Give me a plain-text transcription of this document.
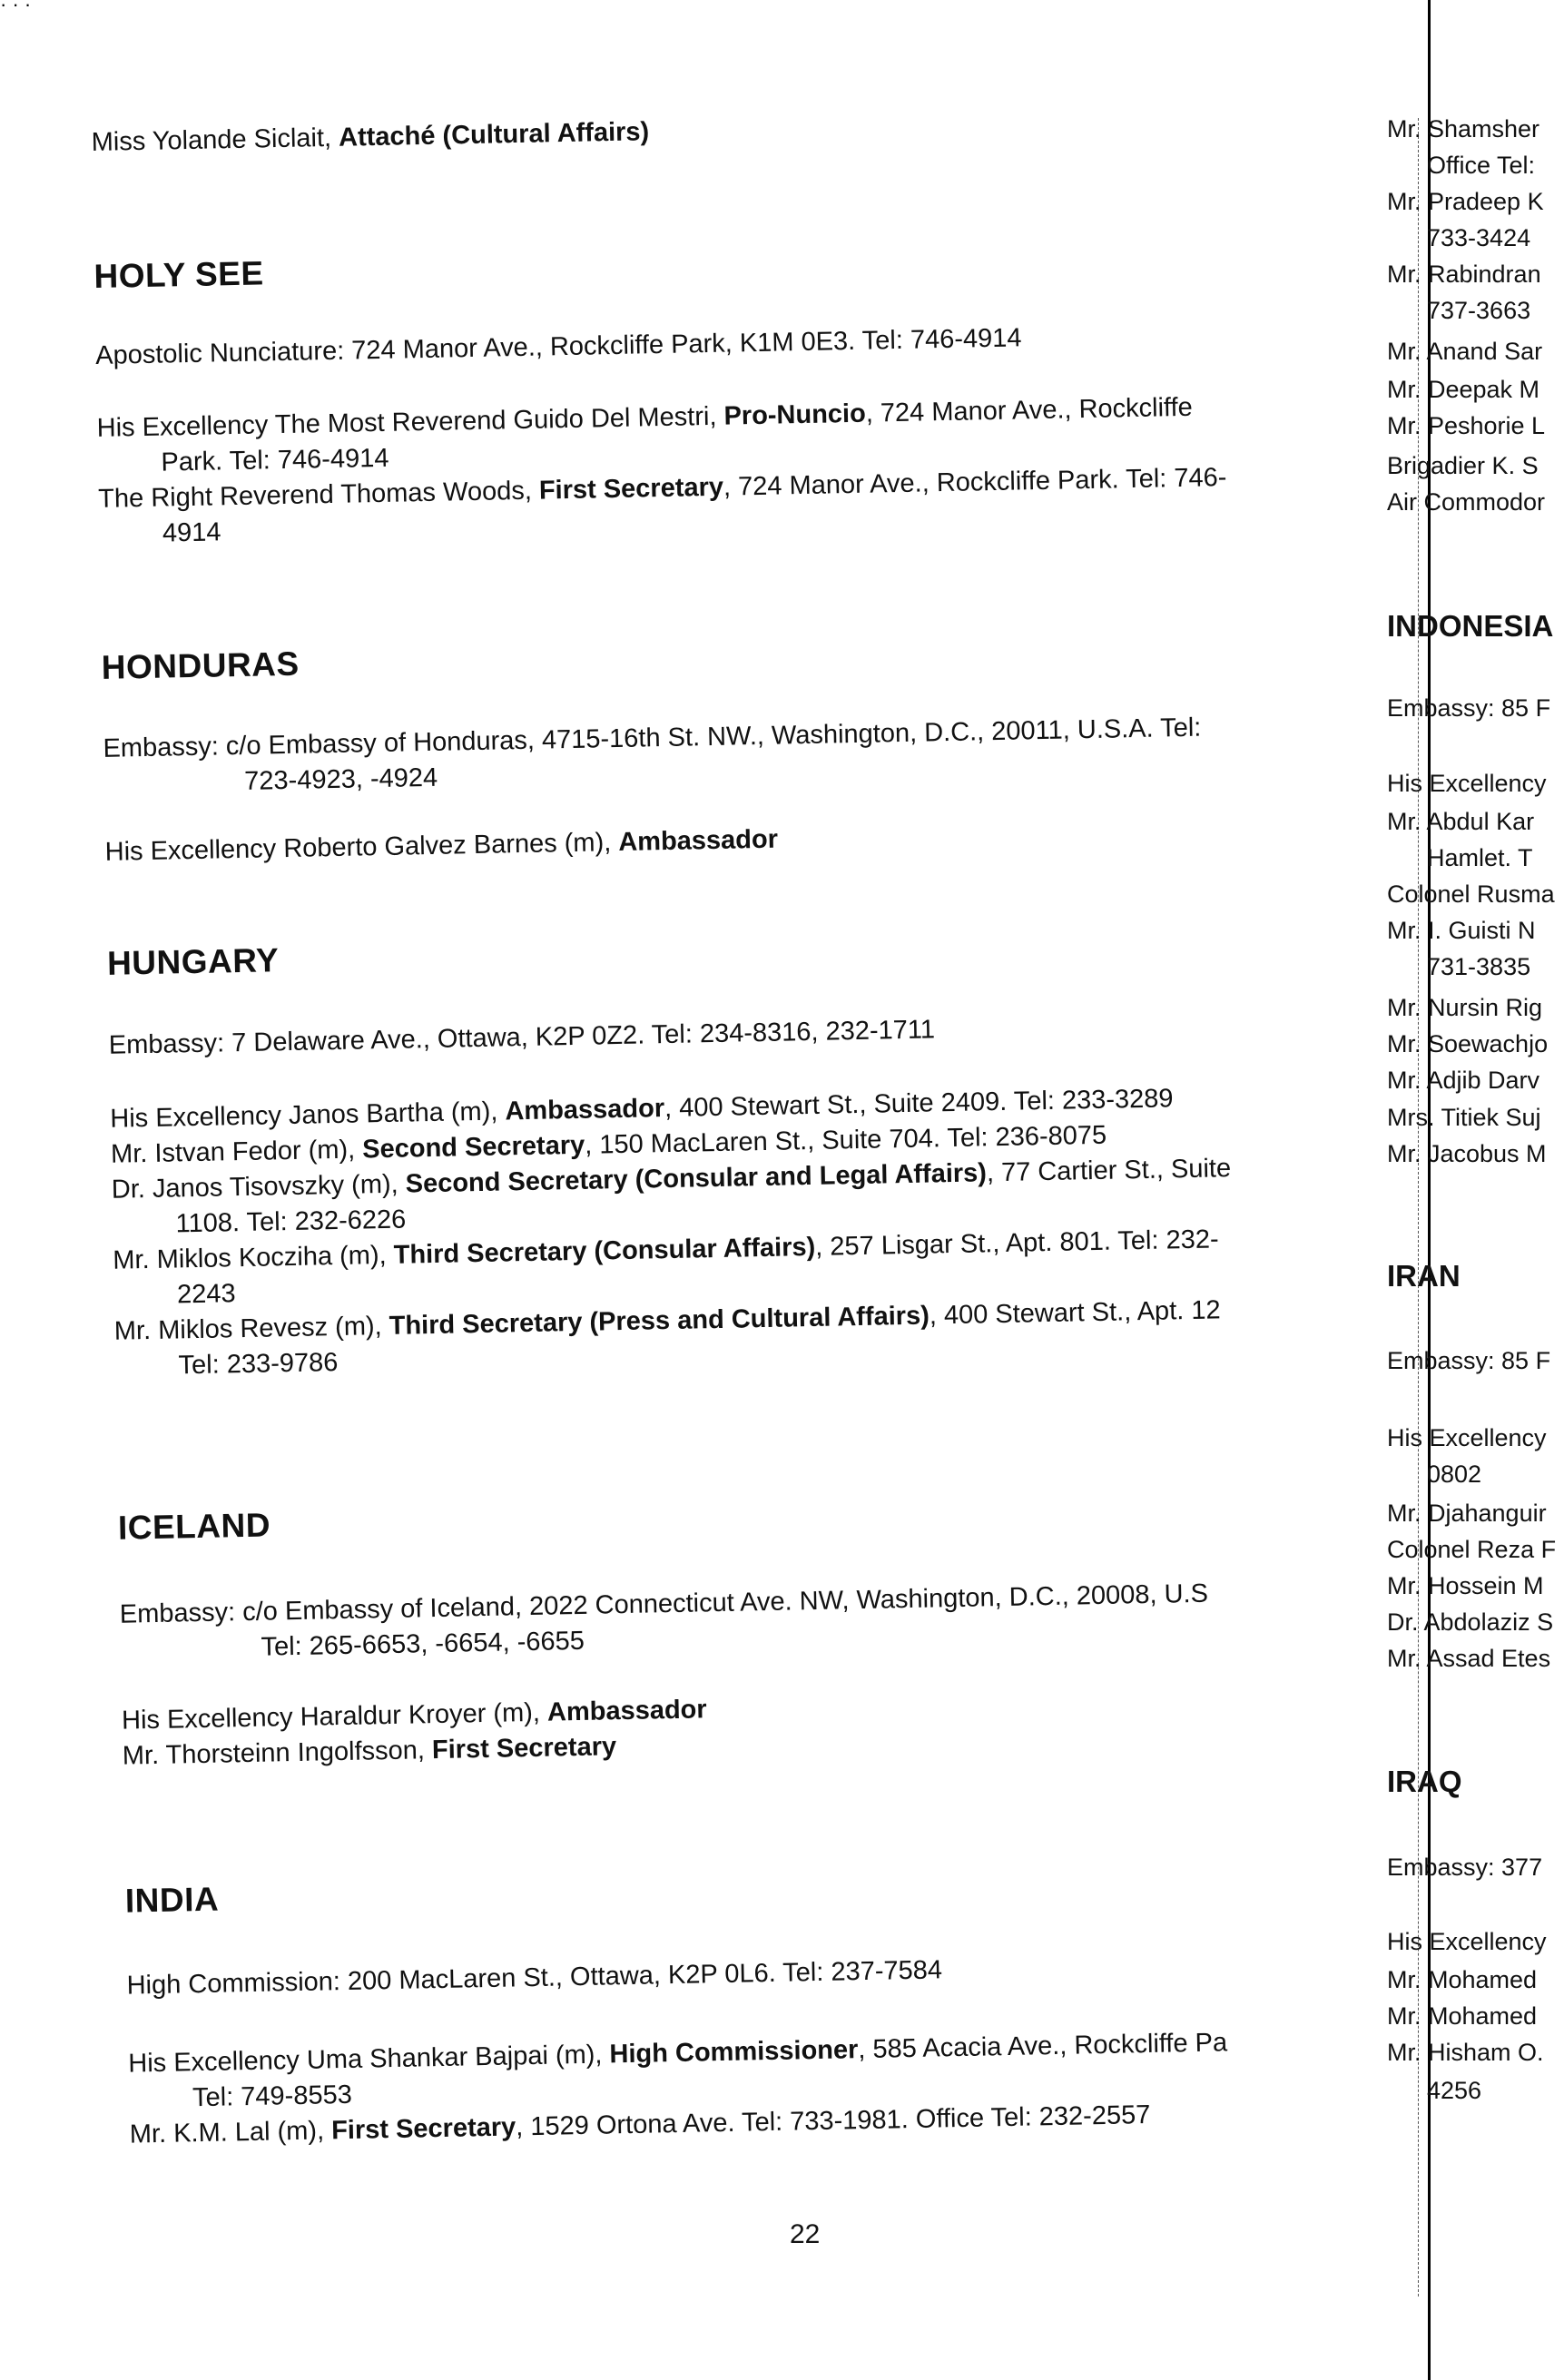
· · ·
Miss Yolande Siclait, Attaché (Cultural Affairs)
HOLY SEE
Apostolic Nunciature: 724 Manor Ave., Rockcliffe Park, K1M 0E3. Tel: 746-4914
His Excellency The Most Reverend Guido Del Mestri, Pro-Nuncio, 724 Manor Ave., Rockcliffe
Park. Tel: 746-4914
The Right Reverend Thomas Woods, First Secretary, 724 Manor Ave., Rockcliffe Park. Tel: 746-
4914
HONDURAS
Embassy: c/o Embassy of Honduras, 4715-16th St. NW., Washington, D.C., 20011, U.S.A. Tel:
723-4923, -4924
His Excellency Roberto Galvez Barnes (m), Ambassador
HUNGARY
Embassy: 7 Delaware Ave., Ottawa, K2P 0Z2. Tel: 234-8316, 232-1711
His Excellency Janos Bartha (m), Ambassador, 400 Stewart St., Suite 2409. Tel: 233-3289
Mr. Istvan Fedor (m), Second Secretary, 150 MacLaren St., Suite 704. Tel: 236-8075
Dr. Janos Tisovszky (m), Second Secretary (Consular and Legal Affairs), 77 Cartier St., Suite
1108. Tel: 232-6226
Mr. Miklos Kocziha (m), Third Secretary (Consular Affairs), 257 Lisgar St., Apt. 801. Tel: 232-
2243
Mr. Miklos Revesz (m), Third Secretary (Press and Cultural Affairs), 400 Stewart St., Apt. 12
Tel: 233-9786
ICELAND
Embassy: c/o Embassy of Iceland, 2022 Connecticut Ave. NW, Washington, D.C., 20008, U.S
Tel: 265-6653, -6654, -6655
His Excellency Haraldur Kroyer (m), Ambassador
Mr. Thorsteinn Ingolfsson, First Secretary
INDIA
High Commission: 200 MacLaren St., Ottawa, K2P 0L6. Tel: 237-7584
His Excellency Uma Shankar Bajpai (m), High Commissioner, 585 Acacia Ave., Rockcliffe Pa
Tel: 749-8553
Mr. K.M. Lal (m), First Secretary, 1529 Ortona Ave. Tel: 733-1981. Office Tel: 232-2557
22
Mr. Shamsher
Office Tel:
Mr. Pradeep K
733-3424
Mr. Rabindran
737-3663
Mr. Anand Sar
Mr. Deepak M
Mr. Peshorie L
Brigadier K. S
Air Commodor
INDONESIA
Embassy: 85 F
His Excellency
Mr. Abdul Kar
Hamlet. T
Colonel Rusma
Mr. I. Guisti N
731-3835
Mr. Nursin Rig
Mr. Soewachjo
Mr. Adjib Darv
Mrs. Titiek Suj
Mr. Jacobus M
IRAN
Embassy: 85 F
His Excellency
0802
Mr. Djahanguir
Colonel Reza F
Mr. Hossein M
Dr. Abdolaziz S
Mr. Assad Etes
IRAQ
Embassy: 377
His Excellency
Mr. Mohamed
Mr. Mohamed
Mr. Hisham O.
4256
